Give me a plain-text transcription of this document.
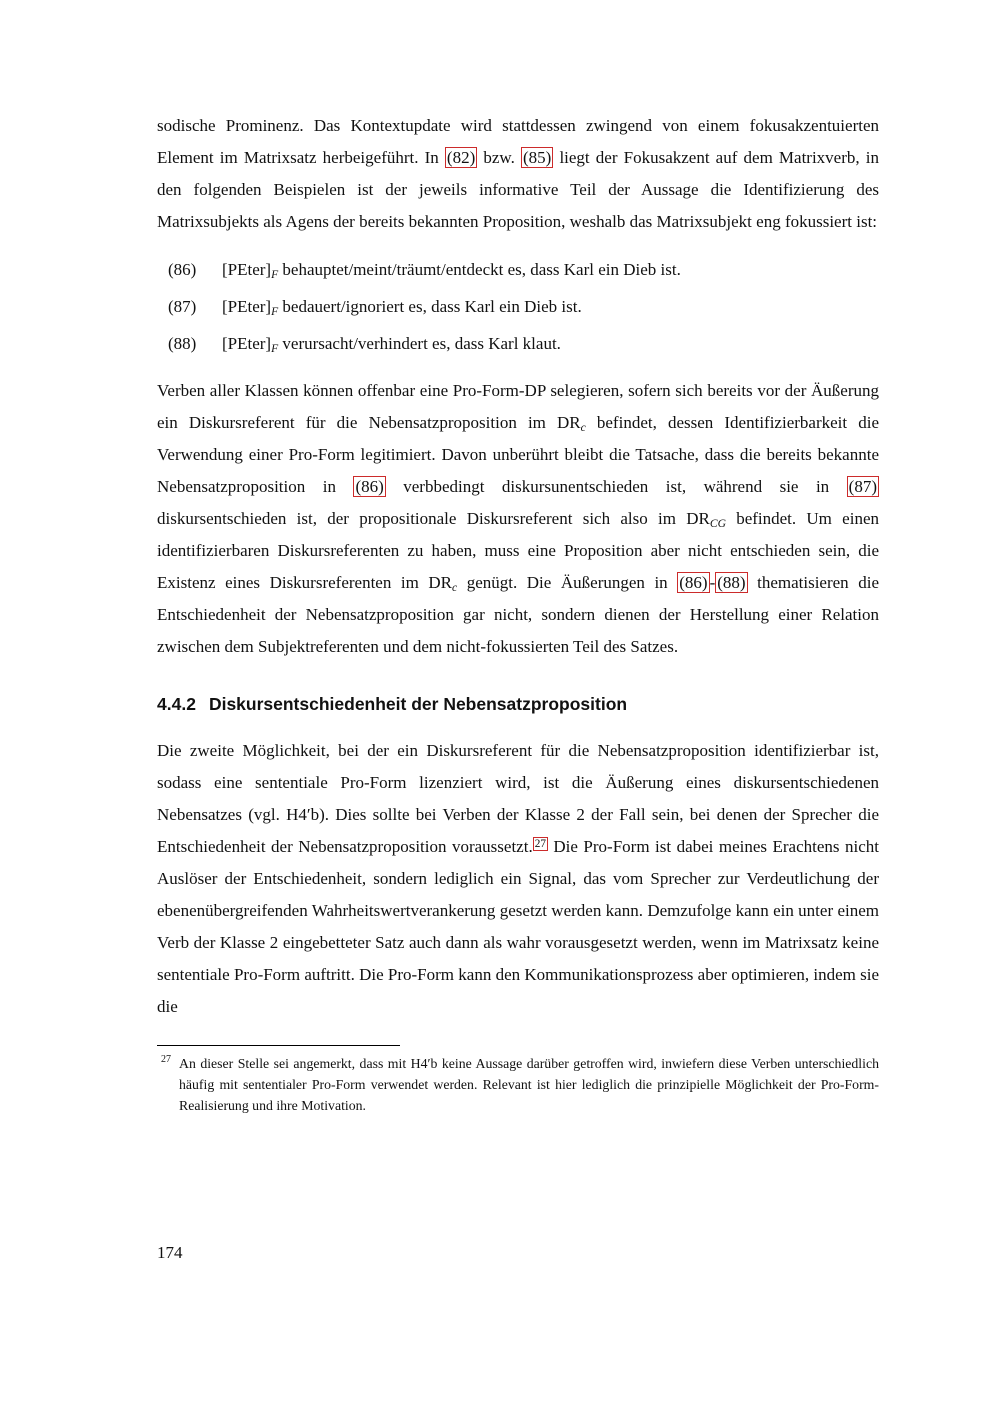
sodische Prominenz. Das Kontextupdate wird stattdessen zwingend von einem fokusakzentuierten Element im Matrixsatz herbeigeführt. In (82) bzw. (85) liegt der Fokusakzent auf dem Matrixverb, in den folgenden Beispielen ist der jeweils informative Teil der Aussage die Identifizierung des Matrixsubjekts als Agens der bereits bekannten Proposition, weshalb das Matrixsubjekt eng fokussiert ist:

(86) $[PEter]_F$ behauptet/meint/träumt/entdeckt es, dass Karl ein Dieb ist.
(87) $[PEter]_F$ bedauert/ignoriert es, dass Karl ein Dieb ist.
(88) $[PEter]_F$ verursacht/verhindert es, dass Karl klaut.

Verben aller Klassen können offenbar eine Pro-Form-DP selegieren, sofern sich bereits vor der Äußerung ein Diskursreferent für die Nebensatzproposition im $DR_c$ befindet, dessen Identifizierbarkeit die Verwendung einer Pro-Form legitimiert. Davon unberührt bleibt die Tatsache, dass die bereits bekannte Nebensatzproposition in (86) verbbedingt diskursunentschieden ist, während sie in (87) diskursentschieden ist, der propositionale Diskursreferent sich also im $DR_{CG}$ befindet. Um einen identifizierbaren Diskursreferenten zu haben, muss eine Proposition aber nicht entschieden sein, die Existenz eines Diskursreferenten im $DR_c$ genügt. Die Äußerungen in (86) - (88) thematisieren die Entschiedenheit der Nebensatzproposition gar nicht, sondern dienen der Herstellung einer Relation zwischen dem Subjektreferenten und dem nicht-fokussierten Teil des Satzes.

4.4.2 Diskursentschiedenheit der Nebensatzproposition

Die zweite Möglichkeit, bei der ein Diskursreferent für die Nebensatzproposition identifizierbar ist, sodass eine sententiale Pro-Form lizenziert wird, ist die Äußerung eines diskursentschiedenen Nebensatzes (vgl. H4′b). Dies sollte bei Verben der Klasse 2 der Fall sein, bei denen der Sprecher die Entschiedenheit der Nebensatzproposition voraussetzt. $^{27}$ Die Pro-Form ist dabei meines Erachtens nicht Auslöser der Entschiedenheit, sondern lediglich ein Signal, das vom Sprecher zur Verdeutlichung der ebenenübergreifenden Wahrheitswertverankerung gesetzt werden kann. Demzufolge kann ein unter einem Verb der Klasse 2 eingebetteter Satz auch dann als wahr vorausgesetzt werden, wenn im Matrixsatz keine sententiale Pro-Form auftritt. Die Pro-Form kann den Kommunikationsprozess aber optimieren, indem sie die

27 An dieser Stelle sei angemerkt, dass mit H4′b keine Aussage darüber getroffen wird, inwiefern diese Verben unterschiedlich häufig mit sententialer Pro-Form verwendet werden. Relevant ist hier lediglich die prinzipielle Möglichkeit der Pro-Form-Realisierung und ihre Motivation.
174
